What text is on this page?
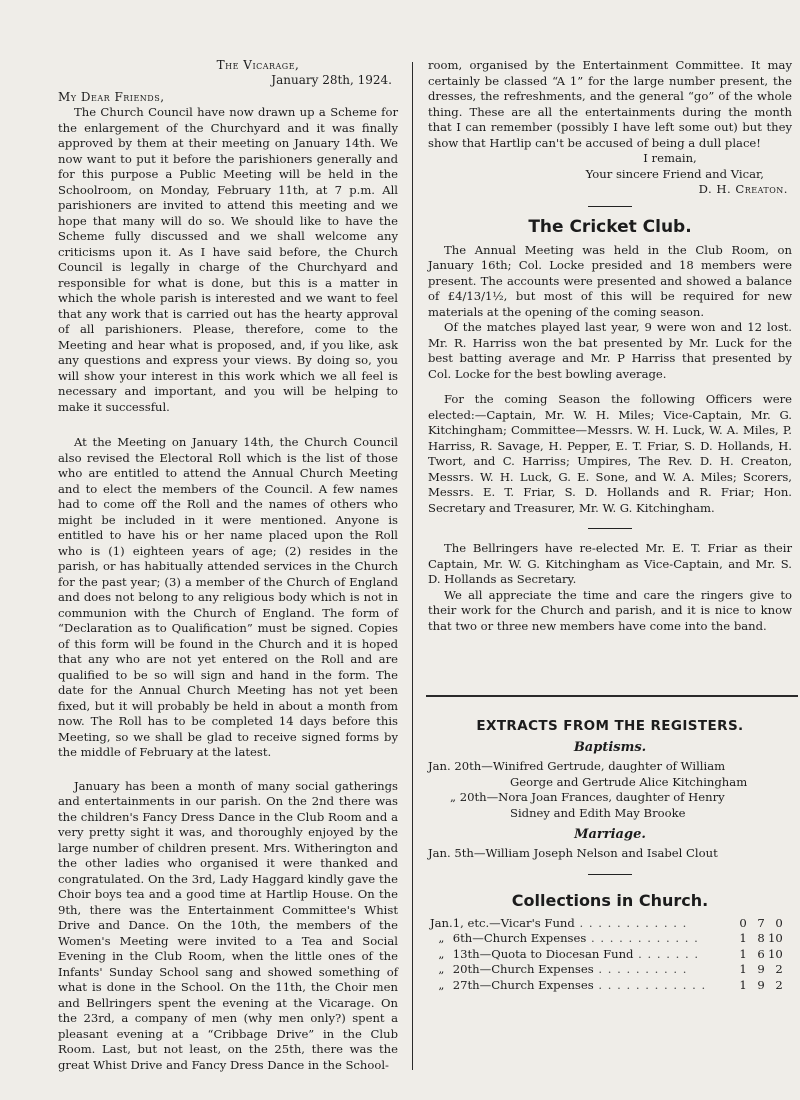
The Vicarage,
January 28th, 1924.
My Dear Friends,

The Church Council have now drawn up a Scheme for the enlargement of the Churchyard and it was finally approved by them at their meeting on January 14th. We now want to put it before the parishioners generally and for this purpose a Public Meeting will be held in the Schoolroom, on Monday, February 11th, at 7 p.m. All parishioners are invited to attend this meeting and we hope that many will do so. We should like to have the Scheme fully discussed and we shall welcome any criticisms upon it. As I have said before, the Church Council is legally in charge of the Churchyard and responsible for what is done, but this is a matter in which the whole parish is interested and we want to feel that any work that is carried out has the hearty approval of all parishioners. Please, therefore, come to the Meeting and hear what is proposed, and, if you like, ask any questions and express your views. By doing so, you will show your interest in this work which we all feel is necessary and important, and you will be helping to make it successful.

At the Meeting on January 14th, the Church Council also revised the Electoral Roll which is the list of those who are entitled to attend the Annual Church Meeting and to elect the members of the Council. A few names had to come off the Roll and the names of others who might be included in it were mentioned. Anyone is entitled to have his or her name placed upon the Roll who is (1) eighteen years of age; (2) resides in the parish, or has habitually attended services in the Church for the past year; (3) a member of the Church of England and does not belong to any religious body which is not in communion with the Church of England. The form of “Declaration as to Qualification” must be signed. Copies of this form will be found in the Church and it is hoped that any who are not yet entered on the Roll and are qualified to be so will sign and hand in the form. The date for the Annual Church Meeting has not yet been fixed, but it will probably be held in about a month from now. The Roll has to be completed 14 days before this Meeting, so we shall be glad to receive signed forms by the middle of February at the latest.

January has been a month of many social gatherings and entertainments in our parish. On the 2nd there was the children's Fancy Dress Dance in the Club Room and a very pretty sight it was, and thoroughly enjoyed by the large number of children present. Mrs. Witherington and the other ladies who organised it were thanked and congratulated. On the 3rd, Lady Haggard kindly gave the Choir boys tea and a good time at Hartlip House. On the 9th, there was the Entertainment Committee's Whist Drive and Dance. On the 10th, the members of the Women's Meeting were invited to a Tea and Social Evening in the Club Room, when the little ones of the Infants' Sunday School sang and showed something of what is done in the School. On the 11th, the Choir men and Bellringers spent the evening at the Vicarage. On the 23rd, a company of men (why men only?) spent a pleasant evening at a “Cribbage Drive” in the Club Room. Last, but not least, on the 25th, there was the great Whist Drive and Fancy Dress Dance in the School-

room, organised by the Entertainment Committee. It may certainly be classed “A 1” for the large number present, the dresses, the refreshments, and the general “go” of the whole thing. These are all the entertainments during the month that I can remember (possibly I have left some out) but they show that Hartlip can't be accused of being a dull place!

I remain,

Your sincere Friend and Vicar,

D. H. Creaton.

The Cricket Club.

The Annual Meeting was held in the Club Room, on January 16th; Col. Locke presided and 18 members were present. The accounts were presented and showed a balance of £4/13/1½, but most of this will be required for new materials at the opening of the coming season.

Of the matches played last year, 9 were won and 12 lost. Mr. R. Harriss won the bat presented by Mr. Luck for the best batting average and Mr. P Harriss that presented by Col. Locke for the best bowling average.

For the coming Season the following Officers were elected:—Captain, Mr. W. H. Miles; Vice-Captain, Mr. G. Kitchingham; Committee—Messrs. W. H. Luck, W. A. Miles, P. Harriss, R. Savage, H. Pepper, E. T. Friar, S. D. Hollands, H. Twort, and C. Harriss; Umpires, The Rev. D. H. Creaton, Messrs. W. H. Luck, G. E. Sone, and W. A. Miles; Scorers, Messrs. E. T. Friar, S. D. Hollands and R. Friar; Hon. Secretary and Treasurer, Mr. W. G. Kitchingham.

The Bellringers have re-elected Mr. E. T. Friar as their Captain, Mr. W. G. Kitchingham as Vice-Captain, and Mr. S. D. Hollands as Secretary.

We all appreciate the time and care the ringers give to their work for the Church and parish, and it is nice to know that two or three new members have come into the band.

EXTRACTS FROM THE REGISTERS.
Baptisms.
Jan. 20th—Winifred Gertrude, daughter of William
George and Gertrude Alice Kitchingham
„ 20th—Nora Joan Frances, daughter of Henry
Sidney and Edith May Brooke
Marriage.
Jan. 5th—William Joseph Nelson and Isabel Clout
Collections in Church.
Jan.	1, etc.—Vicar's Fund . . . . . . . . . . . .	0	7	0
„	6th—Church Expenses . . . . . . . . . . . .	1	8	10
„	13th—Quota to Diocesan Fund . . . . . . .	1	6	10
„	20th—Church Expenses . . . . . . . . . .	1	9	2
„	27th—Church Expenses . . . . . . . . . . . .	1	9	2
